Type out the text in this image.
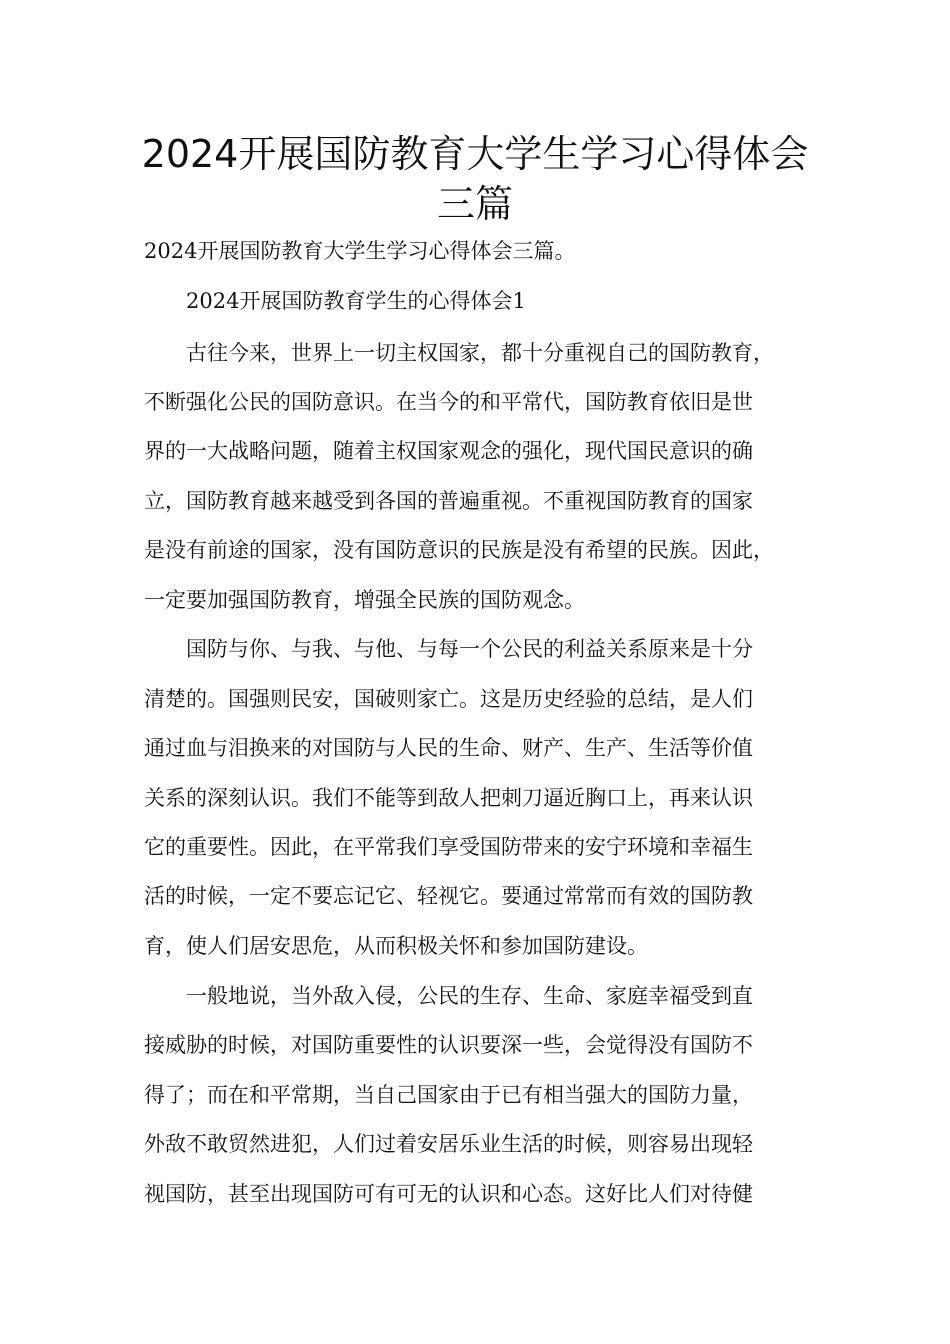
2024开展国防教育大学生学习心得体会
三篇

2024开展国防教育大学生学习心得体会三篇。

2024开展国防教育学生的心得体会1

古往今来，世界上一切主权国家，都十分重视自己的国防教育，

不断强化公民的国防意识。在当今的和平常代，国防教育依旧是世

界的一大战略问题，随着主权国家观念的强化，现代国民意识的确

立，国防教育越来越受到各国的普遍重视。不重视国防教育的国家

是没有前途的国家，没有国防意识的民族是没有希望的民族。因此，

一定要加强国防教育，增强全民族的国防观念。

国防与你、与我、与他、与每一个公民的利益关系原来是十分

清楚的。国强则民安，国破则家亡。这是历史经验的总结，是人们

通过血与泪换来的对国防与人民的生命、财产、生产、生活等价值

关系的深刻认识。我们不能等到敌人把刺刀逼近胸口上，再来认识

它的重要性。因此，在平常我们享受国防带来的安宁环境和幸福生

活的时候，一定不要忘记它、轻视它。要通过常常而有效的国防教

育，使人们居安思危，从而积极关怀和参加国防建设。

一般地说，当外敌入侵，公民的生存、生命、家庭幸福受到直

接威胁的时候，对国防重要性的认识要深一些，会觉得没有国防不

得了；而在和平常期，当自己国家由于已有相当强大的国防力量，

外敌不敢贸然进犯，人们过着安居乐业生活的时候，则容易出现轻

视国防，甚至出现国防可有可无的认识和心态。这好比人们对待健
